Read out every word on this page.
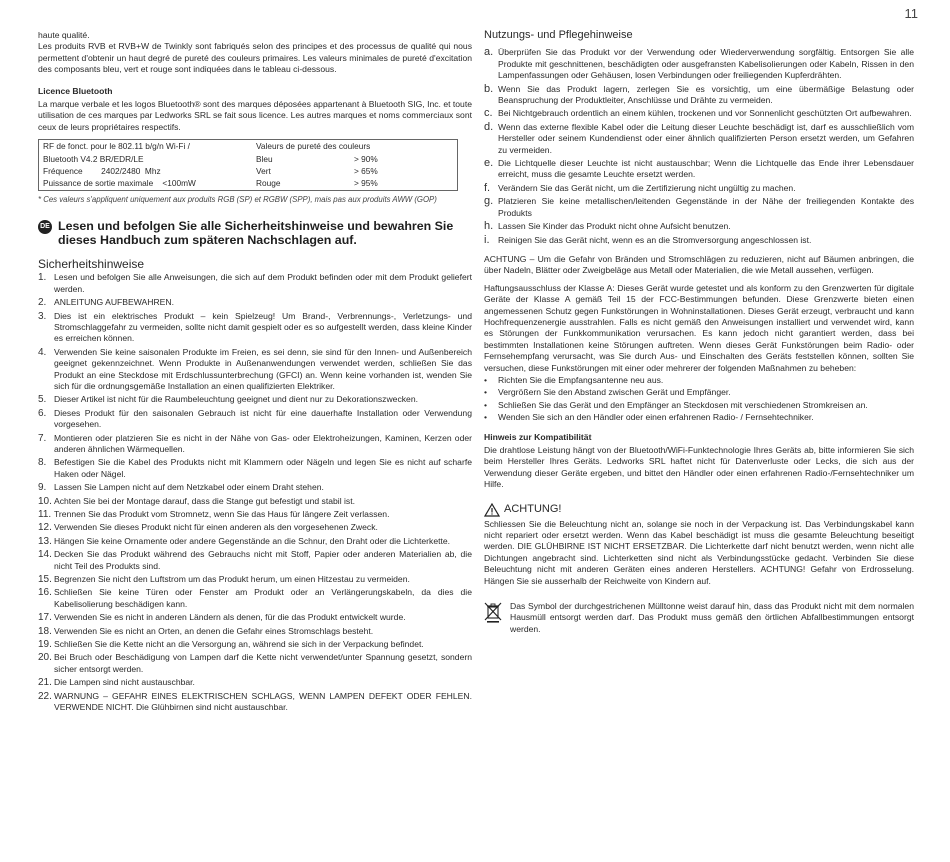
11

haute qualité.
Les produits RVB et RVB+W de Twinkly sont fabriqués selon des principes et des processus de qualité qui nous permettent d'obtenir un haut degré de pureté des couleurs primaires. Les valeurs minimales de pureté d'excitation des composants bleu, vert et rouge sont indiquées dans le tableau ci-dessous.

Licence Bluetooth

La marque verbale et les logos Bluetooth® sont des marques déposées appartenant à Bluetooth SIG, Inc. et toute utilisation de ces marques par Ledworks SRL se fait sous licence. Les autres marques et noms commerciaux sont ceux de leurs propriétaires respectifs.

RF de fonct. pour le 802.11 b/g/n Wi-Fi /	Valeurs de pureté des couleurs	
Bluetooth V4.2 BR/EDR/LE	Bleu	> 90%
Fréquence        2402/2480  Mhz	Vert	> 65%
Puissance de sortie maximale    <100mW	Rouge	> 95%
* Ces valeurs s'appliquent uniquement aux produits RGB (SP) et RGBW (SPP), mais pas aux produits AWW (GOP)
DE Lesen und befolgen Sie alle Sicherheitshinweise und bewahren Sie dieses Handbuch zum späteren Nachschlagen auf.
Sicherheitshinweise
1. Lesen und befolgen Sie alle Anweisungen, die sich auf dem Produkt befinden oder mit dem Produkt geliefert werden.
2. ANLEITUNG AUFBEWAHREN.
3. Dies ist ein elektrisches Produkt – kein Spielzeug! Um Brand-, Verbrennungs-, Verletzungs- und Stromschlaggefahr zu vermeiden, sollte nicht damit gespielt oder es so aufgestellt werden, dass kleine Kinder es erreichen können.
4. Verwenden Sie keine saisonalen Produkte im Freien, es sei denn, sie sind für den Innen- und Außenbereich geeignet gekennzeichnet. Wenn Produkte in Außenanwendungen verwendet werden, schließen Sie das Produkt an eine Steckdose mit Erdschlussunterbrechung (GFCI) an. Wenn keine vorhanden ist, wenden Sie sich für die ordnungsgemäße Installation an einen qualifizierten Elektriker.
5. Dieser Artikel ist nicht für die Raumbeleuchtung geeignet und dient nur zu Dekorationszwecken.
6. Dieses Produkt für den saisonalen Gebrauch ist nicht für eine dauerhafte Installation oder Verwendung vorgesehen.
7. Montieren oder platzieren Sie es nicht in der Nähe von Gas- oder Elektroheizungen, Kaminen, Kerzen oder anderen ähnlichen Wärmequellen.
8. Befestigen Sie die Kabel des Produkts nicht mit Klammern oder Nägeln und legen Sie es nicht auf scharfe Haken oder Nägel.
9. Lassen Sie Lampen nicht auf dem Netzkabel oder einem Draht stehen.
10. Achten Sie bei der Montage darauf, dass die Stange gut befestigt und stabil ist.
11. Trennen Sie das Produkt vom Stromnetz, wenn Sie das Haus für längere Zeit verlassen.
12. Verwenden Sie dieses Produkt nicht für einen anderen als den vorgesehenen Zweck.
13. Hängen Sie keine Ornamente oder andere Gegenstände an die Schnur, den Draht oder die Lichterkette.
14. Decken Sie das Produkt während des Gebrauchs nicht mit Stoff, Papier oder anderen Materialien ab, die nicht Teil des Produkts sind.
15. Begrenzen Sie nicht den Luftstrom um das Produkt herum, um einen Hitzestau zu vermeiden.
16. Schließen Sie keine Türen oder Fenster am Produkt oder an Verlängerungskabeln, da dies die Kabelisolierung beschädigen kann.
17. Verwenden Sie es nicht in anderen Ländern als denen, für die das Produkt entwickelt wurde.
18. Verwenden Sie es nicht an Orten, an denen die Gefahr eines Stromschlags besteht.
19. Schließen Sie die Kette nicht an die Versorgung an, während sie sich in der Verpackung befindet.
20. Bei Bruch oder Beschädigung von Lampen darf die Kette nicht verwendet/unter Spannung gesetzt, sondern sicher entsorgt werden.
21. Die Lampen sind nicht austauschbar.
22. WARNUNG – GEFAHR EINES ELEKTRISCHEN SCHLAGS, WENN LAMPEN DEFEKT ODER FEHLEN. VERWENDE NICHT. Die Glühbirnen sind nicht austauschbar.
Nutzungs- und Pflegehinweise
a. Überprüfen Sie das Produkt vor der Verwendung oder Wiederverwendung sorgfältig. Entsorgen Sie alle Produkte mit geschnittenen, beschädigten oder ausgefransten Kabelisolierungen oder Kabeln, Rissen in den Lampenfassungen oder Gehäusen, losen Verbindungen oder freiliegenden Kupferdrähten.
b. Wenn Sie das Produkt lagern, zerlegen Sie es vorsichtig, um eine übermäßige Belastung oder Beanspruchung der Produktleiter, Anschlüsse und Drähte zu vermeiden.
c. Bei Nichtgebrauch ordentlich an einem kühlen, trockenen und vor Sonnenlicht geschützten Ort aufbewahren.
d. Wenn das externe flexible Kabel oder die Leitung dieser Leuchte beschädigt ist, darf es ausschließlich vom Hersteller oder seinem Kundendienst oder einer ähnlich qualifizierten Person ersetzt werden, um Gefahren zu vermeiden.
e. Die Lichtquelle dieser Leuchte ist nicht austauschbar; Wenn die Lichtquelle das Ende ihrer Lebensdauer erreicht, muss die gesamte Leuchte ersetzt werden.
f. Verändern Sie das Gerät nicht, um die Zertifizierung nicht ungültig zu machen.
g. Platzieren Sie keine metallischen/leitenden Gegenstände in der Nähe der freiliegenden Kontakte des Produkts
h. Lassen Sie Kinder das Produkt nicht ohne Aufsicht benutzen.
i. Reinigen Sie das Gerät nicht, wenn es an die Stromversorgung angeschlossen ist.

ACHTUNG – Um die Gefahr von Bränden und Stromschlägen zu reduzieren, nicht auf Bäumen anbringen, die über Nadeln, Blätter oder Zweigbeläge aus Metall oder Materialien, die wie Metall aussehen, verfügen.

Haftungsausschluss der Klasse A: Dieses Gerät wurde getestet und als konform zu den Grenzwerten für digitale Geräte der Klasse A gemäß Teil 15 der FCC-Bestimmungen befunden. Diese Grenzwerte bieten einen angemessenen Schutz gegen Funkstörungen in Wohninstallationen. Dieses Gerät erzeugt, verbraucht und kann Hochfrequenzenergie ausstrahlen. Falls es nicht gemäß den Anweisungen installiert und verwendet wird, kann es Störungen der Funkkommunikation verursachen. Es kann jedoch nicht garantiert werden, dass bei bestimmten Installationen keine Störungen auftreten. Wenn dieses Gerät Funkstörungen beim Radio- oder Fernsehempfang verursacht, was Sie durch Aus- und Einschalten des Geräts feststellen können, sollten Sie versuchen, diese Funkstörungen mit einer oder mehrerer der folgenden Maßnahmen zu beheben:

•	Richten Sie die Empfangsantenne neu aus.
•	Vergrößern Sie den Abstand zwischen Gerät und Empfänger.
•	Schließen Sie das Gerät und den Empfänger an Steckdosen mit verschiedenen Stromkreisen an.
•	Wenden Sie sich an den Händler oder einen erfahrenen Radio- / Fernsehtechniker.
Hinweis zur Kompatibilität

Die drahtlose Leistung hängt von der Bluetooth/WiFi-Funktechnologie Ihres Geräts ab, bitte informieren Sie sich beim Hersteller Ihres Geräts. Ledworks SRL haftet nicht für Datenverluste oder Lecks, die sich aus der Verwendung dieser Geräte ergeben, und bittet den Händler oder einen erfahrenen Radio-/Fernsehtechniker um Hilfe.

ACHTUNG!

Schliessen Sie die Beleuchtung nicht an, solange sie noch in der Verpackung ist. Das Verbindungskabel kann nicht repariert oder ersetzt werden. Wenn das Kabel beschädigt ist muss die gesamte Beleuchtung beseitigt werden. DIE GLÜHBIRNE IST NICHT ERSETZBAR. Die Lichterkette darf nicht benutzt werden, wenn nicht alle Dichtungen angebracht sind. Lichterketten sind nicht als Verbindungsstücke gedacht. Verbinden Sie diese Beleuchtung nicht mit anderen Geräten eines anderen Herstellers. ACHTUNG! Gefahr von Erdrosselung. Hängen Sie sie ausserhalb der Reichweite von Kindern auf.

Das Symbol der durchgestrichenen Mülltonne weist darauf hin, dass das Produkt nicht mit dem normalen Hausmüll entsorgt werden darf. Das Produkt muss gemäß den örtlichen Abfallbestimmungen entsorgt werden.
